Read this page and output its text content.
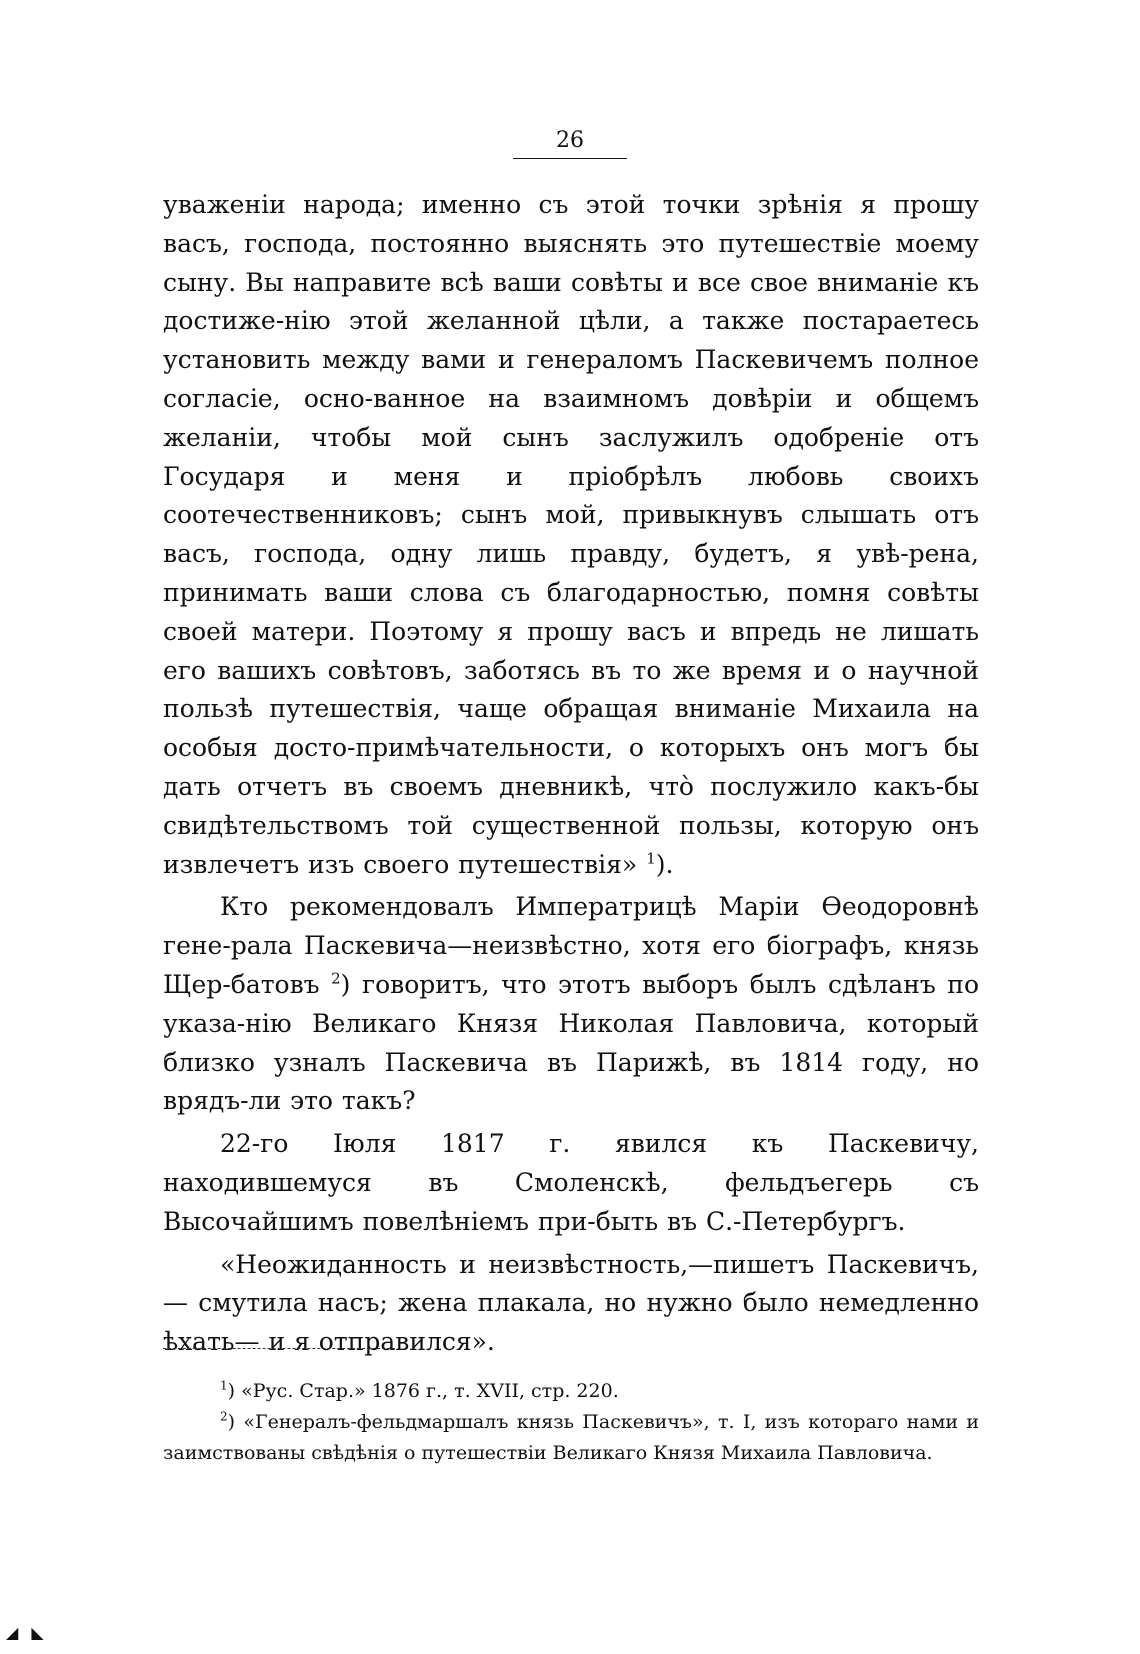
26

уваженіи народа; именно съ этой точки зрѣнія я прошу васъ, господа, постоянно выяснять это путешествіе моему сыну. Вы направите всѣ ваши совѣты и все свое вниманіе къ достиже-нію этой желанной цѣли, а также постараетесь установить между вами и генераломъ Паскевичемъ полное согласіе, осно-ванное на взаимномъ довѣріи и общемъ желаніи, чтобы мой сынъ заслужилъ одобреніе отъ Государя и меня и пріобрѣлъ любовь своихъ соотечественниковъ; сынъ мой, привыкнувъ слышать отъ васъ, господа, одну лишь правду, будетъ, я увѣ-рена, принимать ваши слова съ благодарностью, помня совѣты своей матери. Поэтому я прошу васъ и впредь не лишать его вашихъ совѣтовъ, заботясь въ то же время и о научной пользѣ путешествія, чаще обращая вниманіе Михаила на особыя досто-примѣчательности, о которыхъ онъ могъ бы дать отчетъ въ своемъ дневникѣ, что̀ послужило какъ-бы свидѣтельствомъ той существенной пользы, которую онъ извлечетъ изъ своего путешествія» $^1$).

Кто рекомендовалъ Императрицѣ Маріи Ѳеодоровнѣ гене-рала Паскевича—неизвѣстно, хотя его біографъ, князь Щер-батовъ $^2$) говоритъ, что этотъ выборъ былъ сдѣланъ по указа-нію Великаго Князя Николая Павловича, который близко узналъ Паскевича въ Парижѣ, въ 1814 году, но врядъ-ли это такъ?

22-го Іюля 1817 г. явился къ Паскевичу, находившемуся въ Смоленскѣ, фельдъегерь съ Высочайшимъ повелѣніемъ при-быть въ С.-Петербургъ.

«Неожиданность и неизвѣстность,—пишетъ Паскевичъ,— смутила насъ; жена плакала, но нужно было немедленно ѣхать— и я отправился».

$^1$) «Рус. Стар.» 1876 г., т. XVII, стр. 220.

$^2$) «Генералъ-фельдмаршалъ князь Паскевичъ», т. I, изъ котораго нами и заимствованы свѣдѣнія о путешествіи Великаго Князя Михаила Павловича.

◢ ◣
